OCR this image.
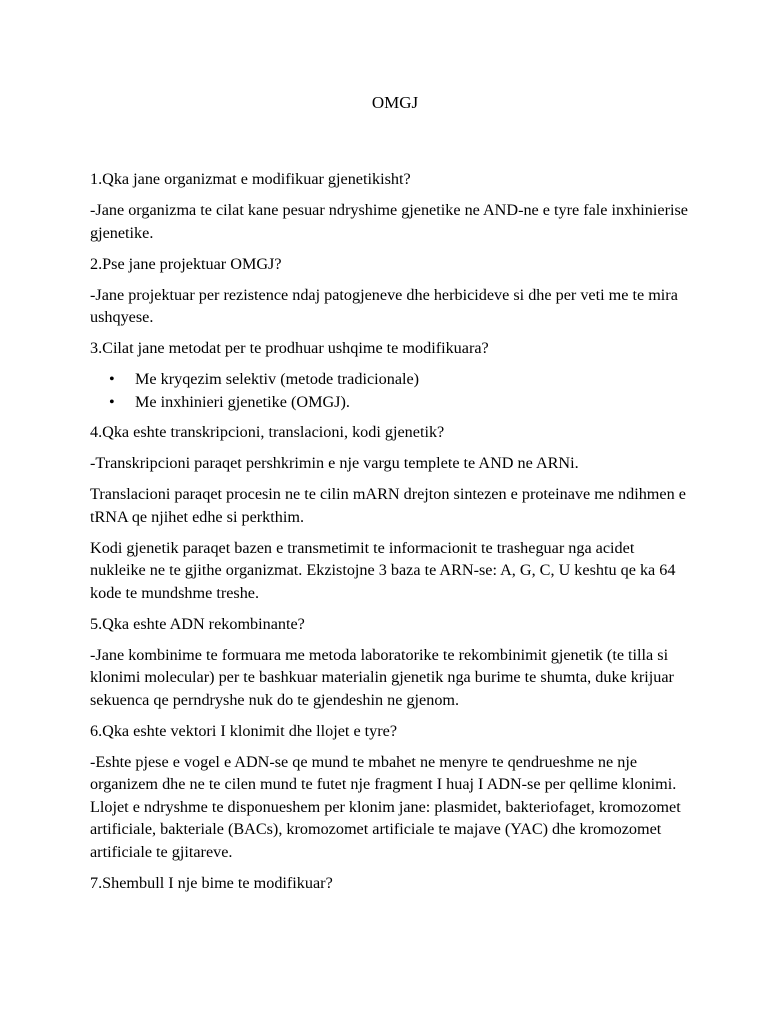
OMGJ

1.Qka jane organizmat e modifikuar gjenetikisht?

-Jane organizma te cilat kane pesuar ndryshime gjenetike ne AND-ne e tyre fale inxhinierise gjenetike.

2.Pse jane projektuar OMGJ?

-Jane projektuar per rezistence ndaj patogjeneve dhe herbicideve si dhe per veti me te mira ushqyese.

3.Cilat jane metodat per te prodhuar ushqime te modifikuara?

• Me kryqezim selektiv (metode tradicionale)
• Me inxhinieri gjenetike (OMGJ).

4.Qka eshte transkripcioni, translacioni, kodi gjenetik?

-Transkripcioni paraqet pershkrimin e nje vargu templete te AND ne ARNi.

Translacioni paraqet procesin ne te cilin mARN drejton sintezen e proteinave me ndihmen e tRNA qe njihet edhe si perkthim.

Kodi gjenetik paraqet bazen e transmetimit te informacionit te trasheguar nga acidet nukleike ne te gjithe organizmat. Ekzistojne 3 baza te ARN-se: A, G, C, U keshtu qe ka 64 kode te mundshme treshe.

5.Qka eshte ADN rekombinante?

-Jane kombinime te formuara me metoda laboratorike te rekombinimit gjenetik (te tilla si klonimi molecular) per te bashkuar materialin gjenetik nga burime te shumta, duke krijuar sekuenca qe perndryshe nuk do te gjendeshin ne gjenom.

6.Qka eshte vektori I klonimit dhe llojet e tyre?

-Eshte pjese e vogel e ADN-se qe mund te mbahet ne menyre te qendrueshme ne nje organizem dhe ne te cilen mund te futet nje fragment I huaj I ADN-se per qellime klonimi. Llojet e ndryshme te disponueshem per klonim jane: plasmidet, bakteriofaget, kromozomet artificiale, bakteriale (BACs), kromozomet artificiale te majave (YAC) dhe kromozomet artificiale te gjitareve.

7.Shembull I nje bime te modifikuar?
